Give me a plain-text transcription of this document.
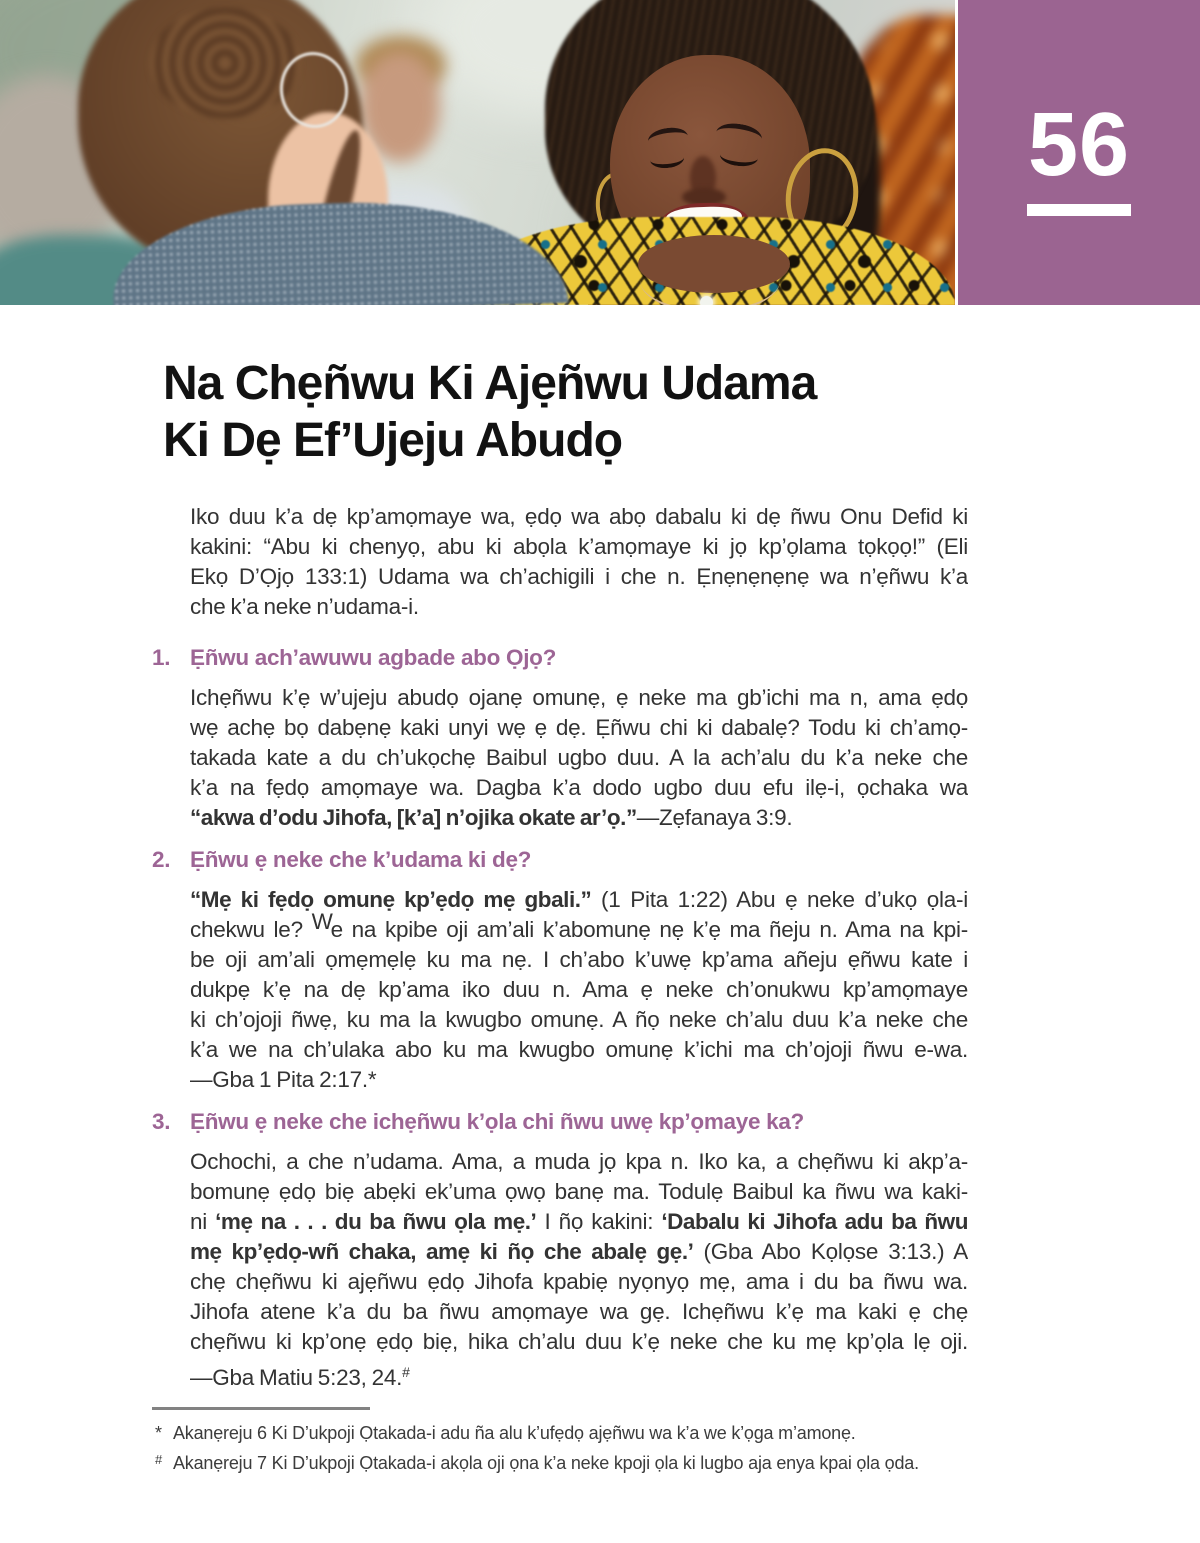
56
Na Chẹñwu Ki Ajẹñwu Udama
Ki Dẹ Ef’Ujeju Abudọ
Iko duu k’a dẹ kp’amọmaye wa, ẹdọ wa abọ dabalu ki dẹ ñwu Onu Defid ki
kakini: “Abu ki chenyọ, abu ki abọla k’amọmaye ki jọ kp’ọlama tọkọọ!” (Eli
Ekọ D’Ọjọ 133:1) Udama wa ch’achigili i che n. Ẹnẹnẹnẹnẹ wa n’ẹñwu k’a
che k’a neke n’udama-i.
1. Ẹñwu ach’awuwu agbade abo Ọjọ?
Ichẹñwu k’ẹ w’ujeju abudọ ojanẹ omunẹ, ẹ neke ma gb’ichi ma n, ama ẹdọ
wẹ achẹ bọ dabẹnẹ kaki unyi wẹ ẹ dẹ. Ẹñwu chi ki dabalẹ? Todu ki ch’amọ-
takada kate a du ch’ukọchẹ Baibul ugbo duu. A la ach’alu du k’a neke che
k’a na fẹdọ amọmaye wa. Dagba k’a dodo ugbo duu efu ilẹ-i, ọchaka wa
“akwa d’odu Jihofa, [k’a] n’ojika okate ar’ọ.”—Zẹfanaya 3:9.
2. Ẹñwu ẹ neke che k’udama ki dẹ?
“Mẹ ki fẹdọ omunẹ kp’ẹdọ mẹ gbali.” (1 Pita 1:22) Abu ẹ neke d’ukọ ọla-i
chekwu le? We na kpibe oji am’ali k’abomunẹ nẹ k’ẹ ma ñeju n. Ama na kpi-
be oji am’ali ọmẹmẹlẹ ku ma nẹ. I ch’abo k’uwẹ kp’ama añeju ẹñwu kate i
dukpẹ k’ẹ na dẹ kp’ama iko duu n. Ama ẹ neke ch’onukwu kp’amọmaye
ki ch’ojoji ñwẹ, ku ma la kwugbo omunẹ. A ñọ neke ch’alu duu k’a neke che
k’a we na ch’ulaka abo ku ma kwugbo omunẹ k’ichi ma ch’ojoji ñwu e-wa.
—Gba 1 Pita 2:17.*
3. Ẹñwu ẹ neke che ichẹñwu k’ọla chi ñwu uwẹ kp’ọmaye ka?
Ochochi, a che n’udama. Ama, a muda jọ kpa n. Iko ka, a chẹñwu ki akp’a-
bomunẹ ẹdọ biẹ abẹki ek’uma ọwọ banẹ ma. Todulẹ Baibul ka ñwu wa kaki-
ni ‘mẹ na . . . du ba ñwu ọla mẹ.’ I ñọ kakini: ‘Dabalu ki Jihofa adu ba ñwu
mẹ kp’ẹdọ-wñ chaka, amẹ ki ñọ che abalẹ gẹ.’ (Gba Abo Kọlọse 3:13.) A
chẹ chẹñwu ki ajẹñwu ẹdọ Jihofa kpabiẹ nyọnyọ mẹ, ama i du ba ñwu wa.
Jihofa atene k’a du ba ñwu amọmaye wa gẹ. Ichẹñwu k’ẹ ma kaki ẹ chẹ
chẹñwu ki kp’onẹ ẹdọ biẹ, hika ch’alu duu k’ẹ neke che ku mẹ kp’ọla lẹ oji.
—Gba Matiu 5:23, 24.#
* Akanẹreju 6 Ki D’ukpoji Ọtakada-i adu ña alu k’ufẹdọ ajẹñwu wa k’a we k’ọga m’amonẹ.
# Akanẹreju 7 Ki D’ukpoji Ọtakada-i akọla oji ọna k’a neke kpoji ọla ki lugbo aja enya kpai ọla ọda.
